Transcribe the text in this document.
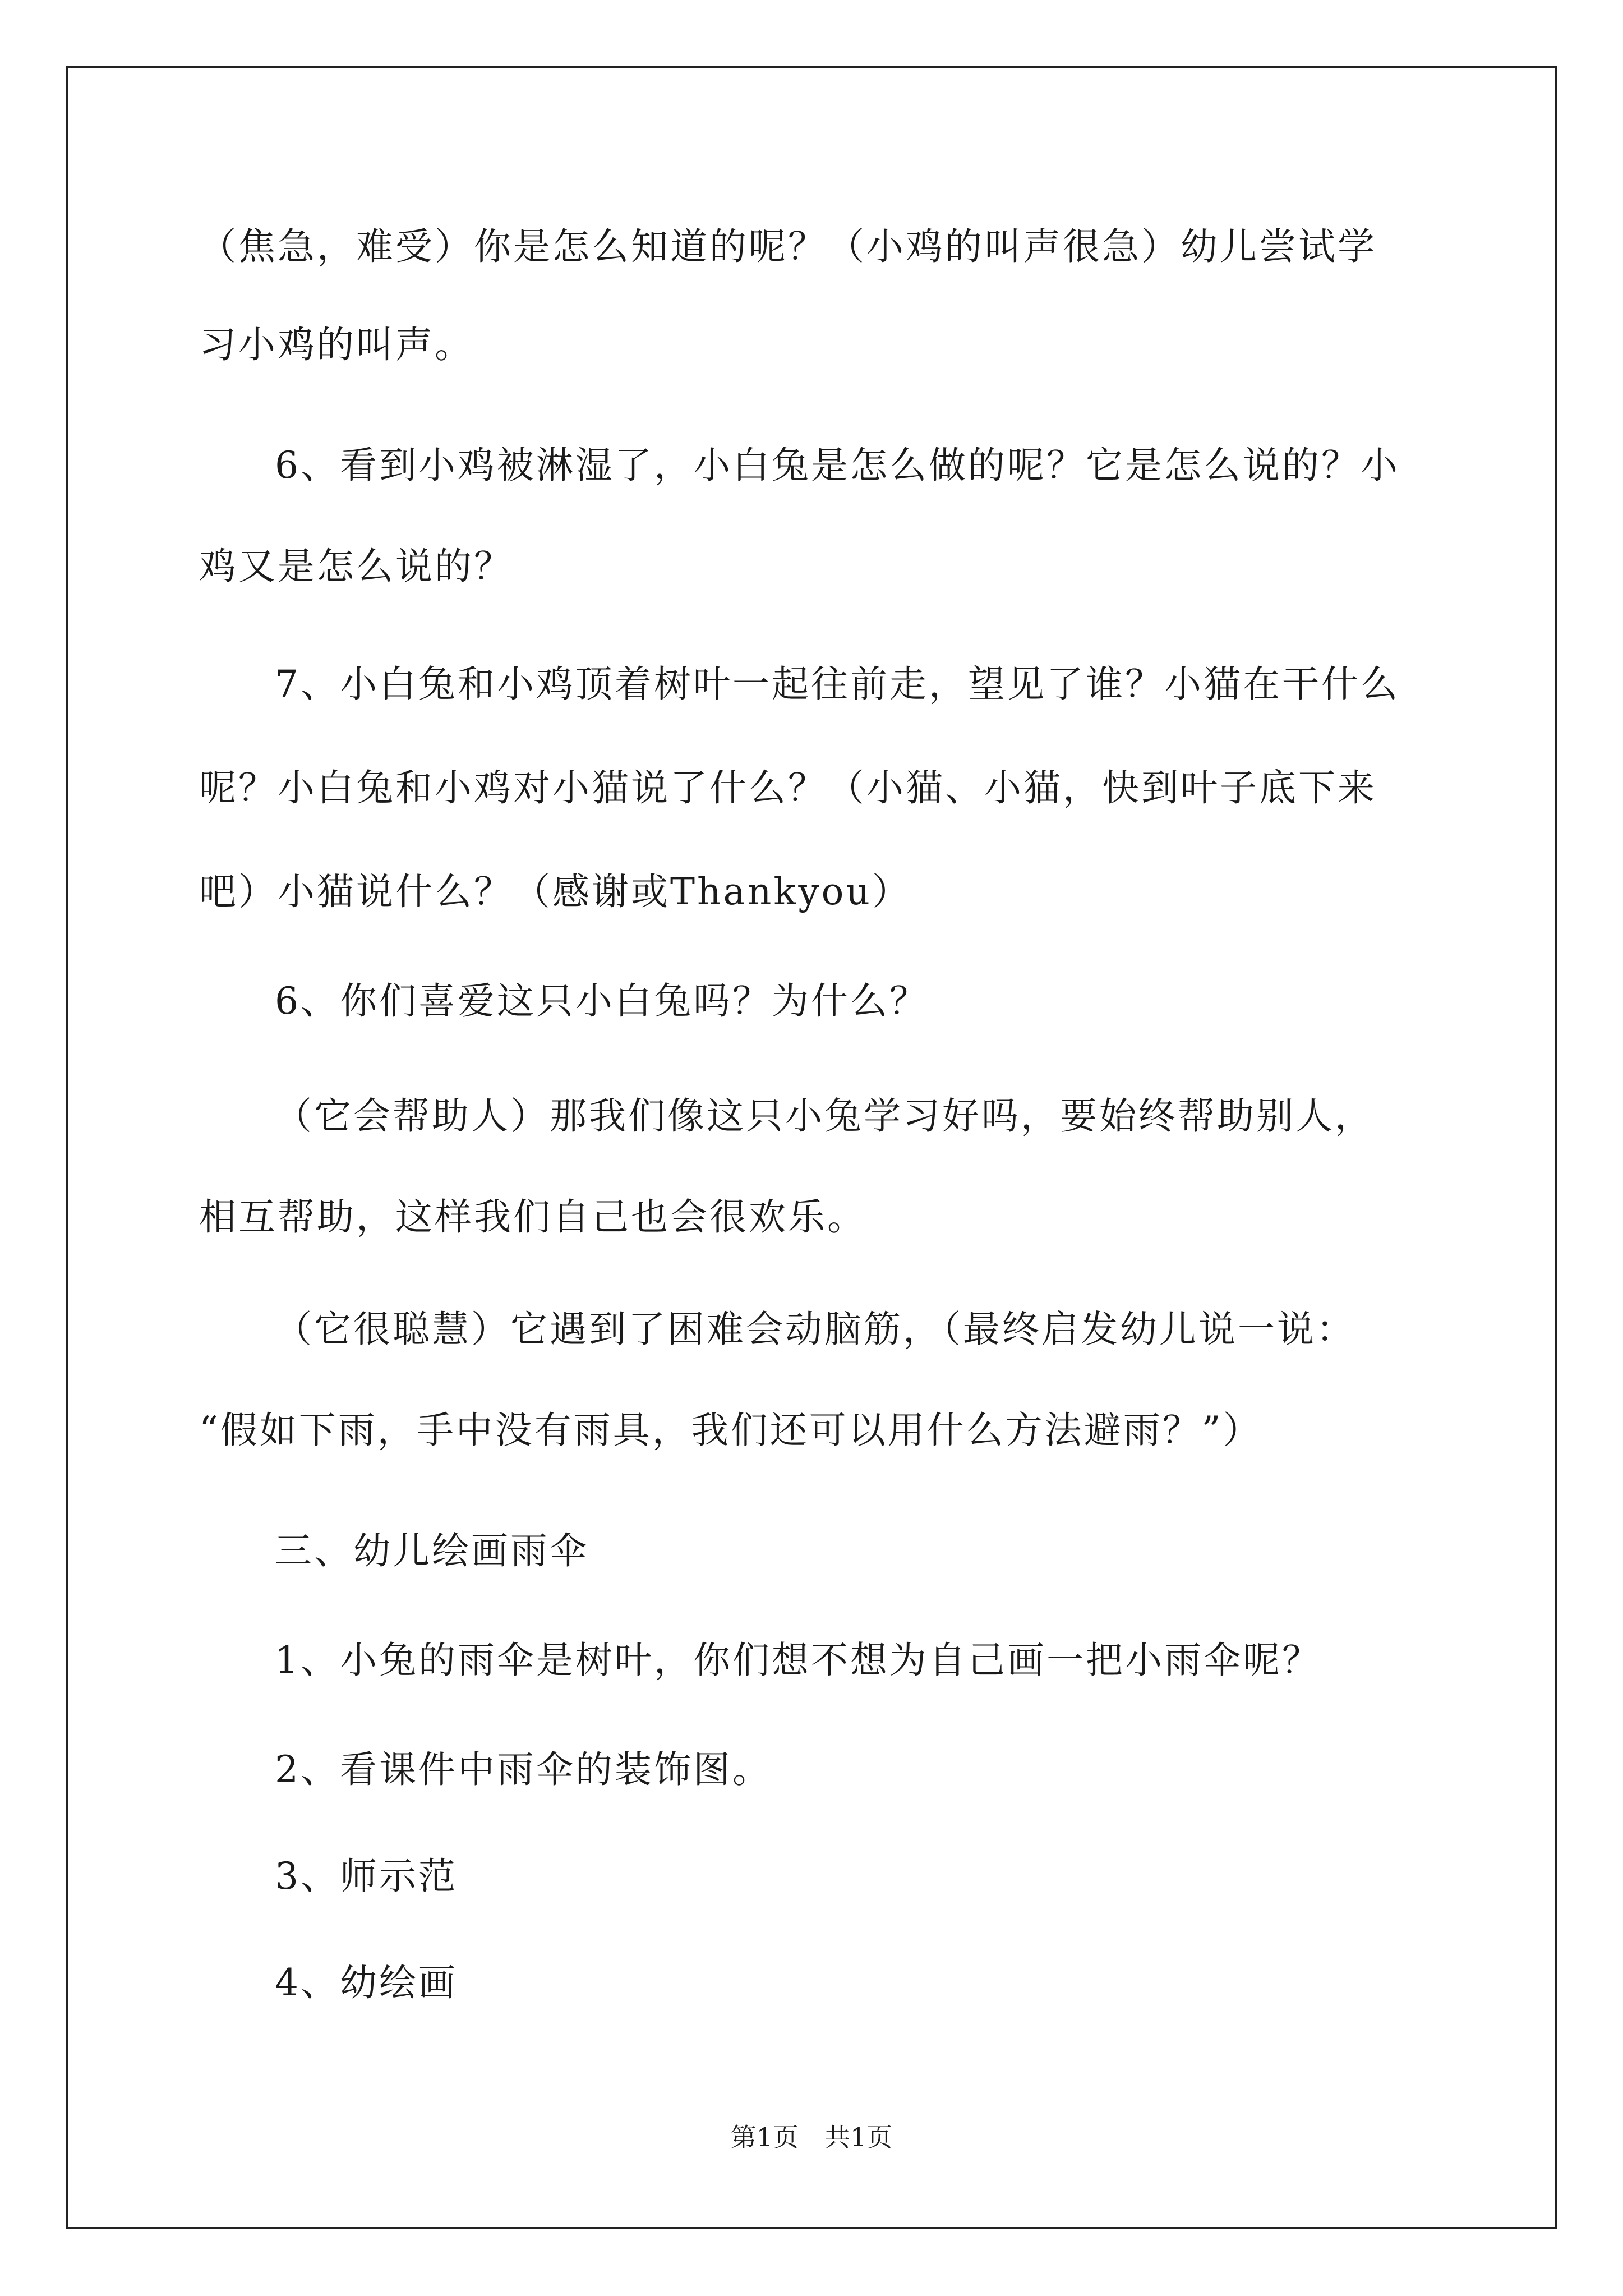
（焦急，难受）你是怎么知道的呢？（小鸡的叫声很急）幼儿尝试学
习小鸡的叫声。
6、看到小鸡被淋湿了，小白兔是怎么做的呢？它是怎么说的？小
鸡又是怎么说的？
7、小白兔和小鸡顶着树叶一起往前走，望见了谁？小猫在干什么
呢？小白兔和小鸡对小猫说了什么？（小猫、小猫，快到叶子底下来
吧）小猫说什么？（感谢或Thankyou）
6、你们喜爱这只小白兔吗？为什么？
（它会帮助人）那我们像这只小兔学习好吗，要始终帮助别人，
相互帮助，这样我们自己也会很欢乐。
（它很聪慧）它遇到了困难会动脑筋，（最终启发幼儿说一说：
“假如下雨，手中没有雨具，我们还可以用什么方法避雨？”）
三、幼儿绘画雨伞
1、小兔的雨伞是树叶，你们想不想为自己画一把小雨伞呢？
2、看课件中雨伞的装饰图。
3、师示范
4、幼绘画
第1页　共1页
